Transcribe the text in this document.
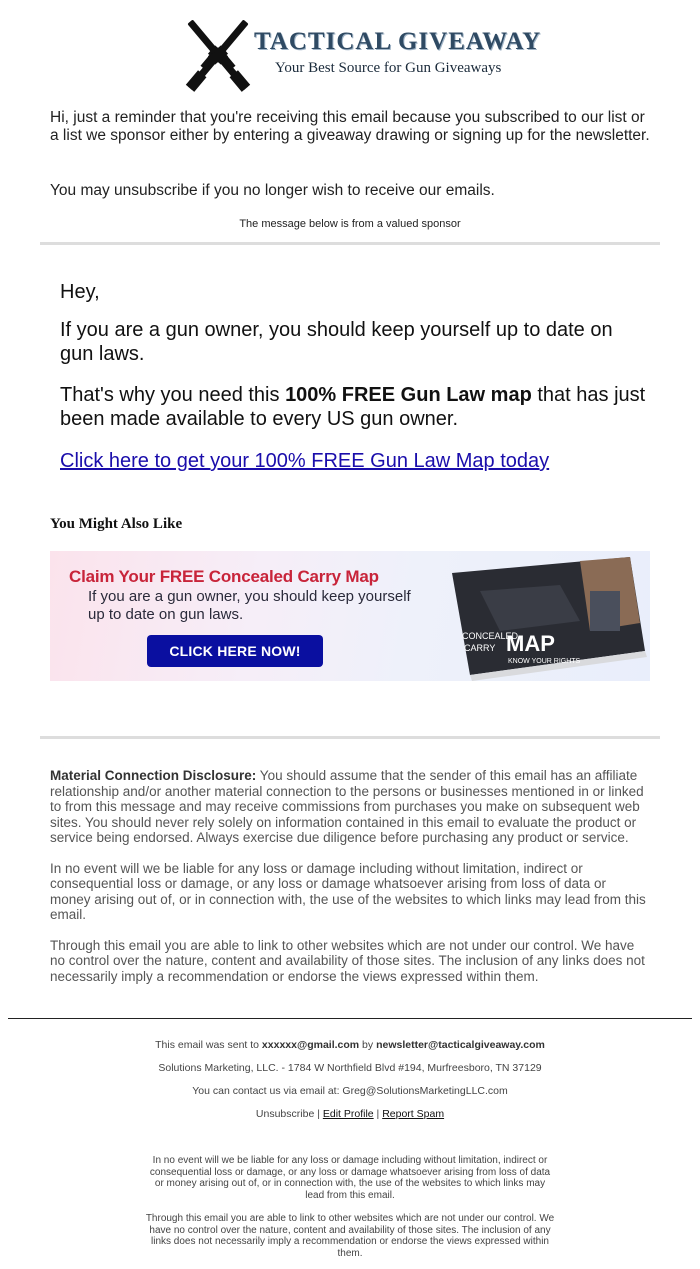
TACTICAL GIVEAWAY
Your Best Source for Gun Giveaways
Hi, just a reminder that you're receiving this email because you subscribed to our list or a list we sponsor either by entering a giveaway drawing or signing up for the newsletter.
You may unsubscribe if you no longer wish to receive our emails.
The message below is from a valued sponsor
Hey,
If you are a gun owner, you should keep yourself up to date on gun laws.
That's why you need this 100% FREE Gun Law map that has just been made available to every US gun owner.
Click here to get your 100% FREE Gun Law Map today
You Might Also Like
Claim Your FREE Concealed Carry Map
If you are a gun owner, you should keep yourself up to date on gun laws.
CLICK HERE NOW!
CONCEALED
CARRY MAP
KNOW YOUR RIGHTS

Material Connection Disclosure: You should assume that the sender of this email has an affiliate relationship and/or another material connection to the persons or businesses mentioned in or linked to from this message and may receive commissions from purchases you make on subsequent web sites. You should never rely solely on information contained in this email to evaluate the product or service being endorsed. Always exercise due diligence before purchasing any product or service.

In no event will we be liable for any loss or damage including without limitation, indirect or consequential loss or damage, or any loss or damage whatsoever arising from loss of data or money arising out of, or in connection with, the use of the websites to which links may lead from this email.

Through this email you are able to link to other websites which are not under our control. We have no control over the nature, content and availability of those sites. The inclusion of any links does not necessarily imply a recommendation or endorse the views expressed within them.

This email was sent to xxxxxx@gmail.com by newsletter@tacticalgiveaway.com
Solutions Marketing, LLC. - 1784 W Northfield Blvd #194, Murfreesboro, TN 37129
You can contact us via email at: Greg@SolutionsMarketingLLC.com
Unsubscribe | Edit Profile | Report Spam
In no event will we be liable for any loss or damage including without limitation, indirect or consequential loss or damage, or any loss or damage whatsoever arising from loss of data or money arising out of, or in connection with, the use of the websites to which links may lead from this email.
Through this email you are able to link to other websites which are not under our control. We have no control over the nature, content and availability of those sites. The inclusion of any links does not necessarily imply a recommendation or endorse the views expressed within them.
